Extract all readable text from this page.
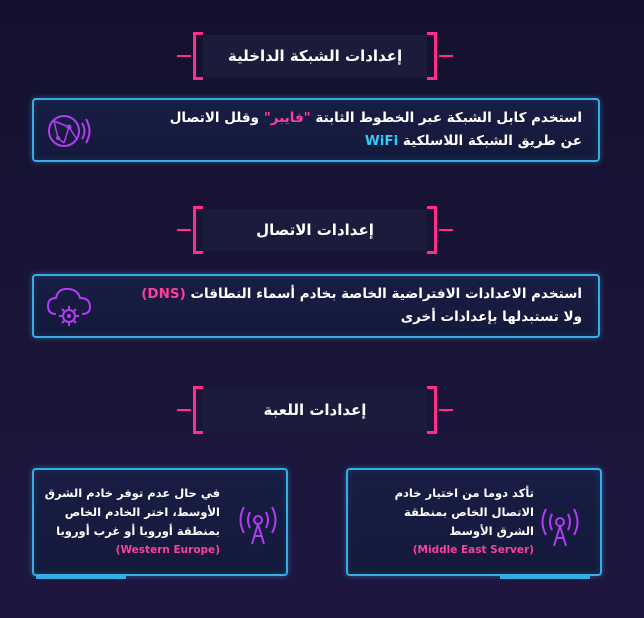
إعدادات الشبكة الداخلية
استخدم كابل الشبكة عبر الخطوط الثابتة "فايبر" وقلل الاتصال
عن طريق الشبكة اللاسلكية WiFi
إعدادات الاتصال
استخدم الاعدادات الافتراضية الخاصة بخادم أسماء النطاقات (DNS)
ولا تستبدلها بإعدادات أخرى
إعدادات اللعبة
في حال عدم توفر خادم الشرق
الأوسط، اختر الخادم الخاص
بمنطقة أوروبا أو غرب أوروبا
(Western Europe)
تأكد دوما من اختيار خادم
الاتصال الخاص بمنطقة
الشرق الأوسط
(Middle East Server)
